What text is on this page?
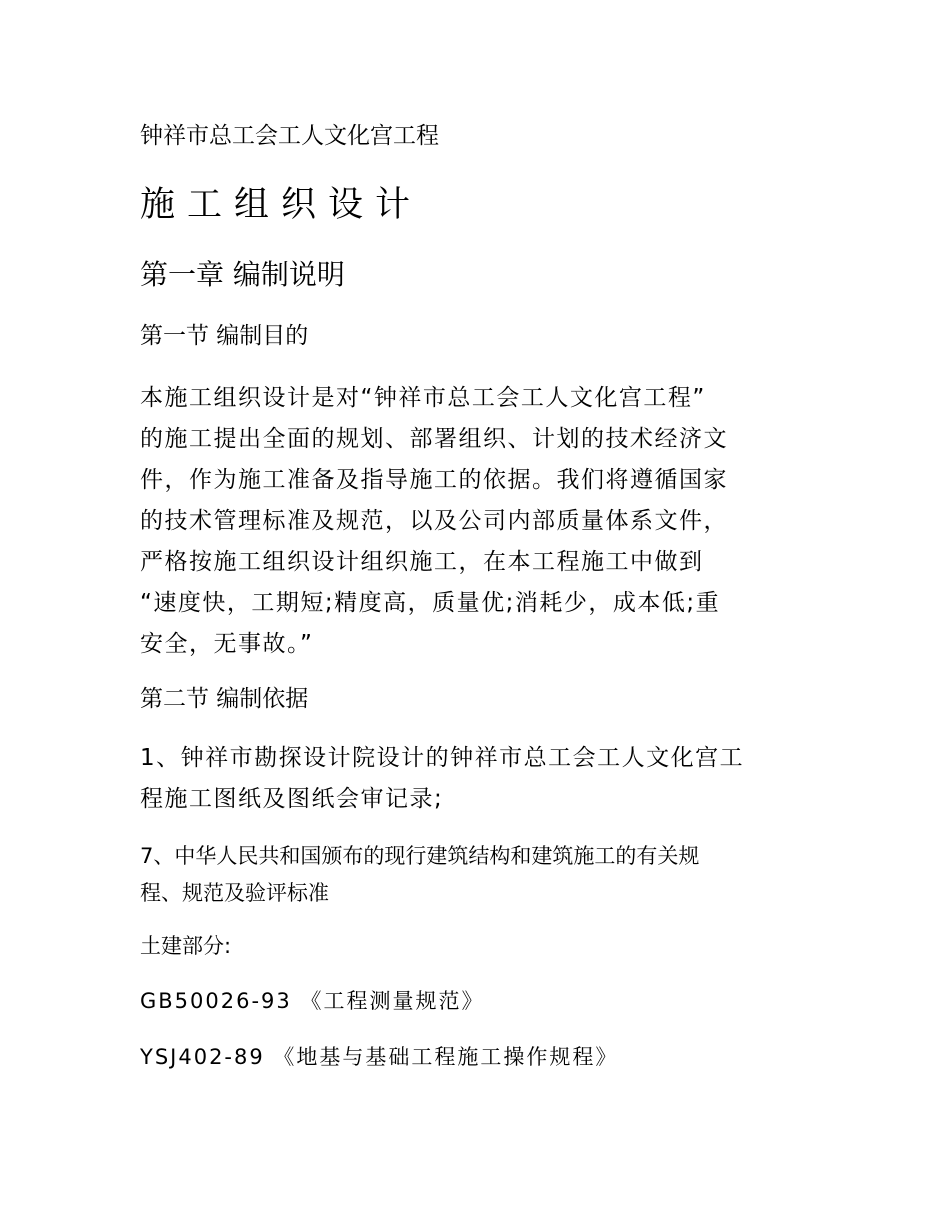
钟祥市总工会工人文化宫工程

施工组织设计
第一章 编制说明
第一节 编制目的
本施工组织设计是对“钟祥市总工会工人文化宫工程”
的施工提出全面的规划、部署组织、计划的技术经济文
件，作为施工准备及指导施工的依据。我们将遵循国家
的技术管理标准及规范，以及公司内部质量体系文件，
严格按施工组织设计组织施工，在本工程施工中做到
“速度快，工期短;精度高，质量优;消耗少，成本低;重
安全，无事故。”
第二节 编制依据
1、钟祥市勘探设计院设计的钟祥市总工会工人文化宫工
程施工图纸及图纸会审记录;
7、中华人民共和国颁布的现行建筑结构和建筑施工的有关规
程、规范及验评标准

土建部分:

GB50026-93 《工程测量规范》

YSJ402-89 《地基与基础工程施工操作规程》
